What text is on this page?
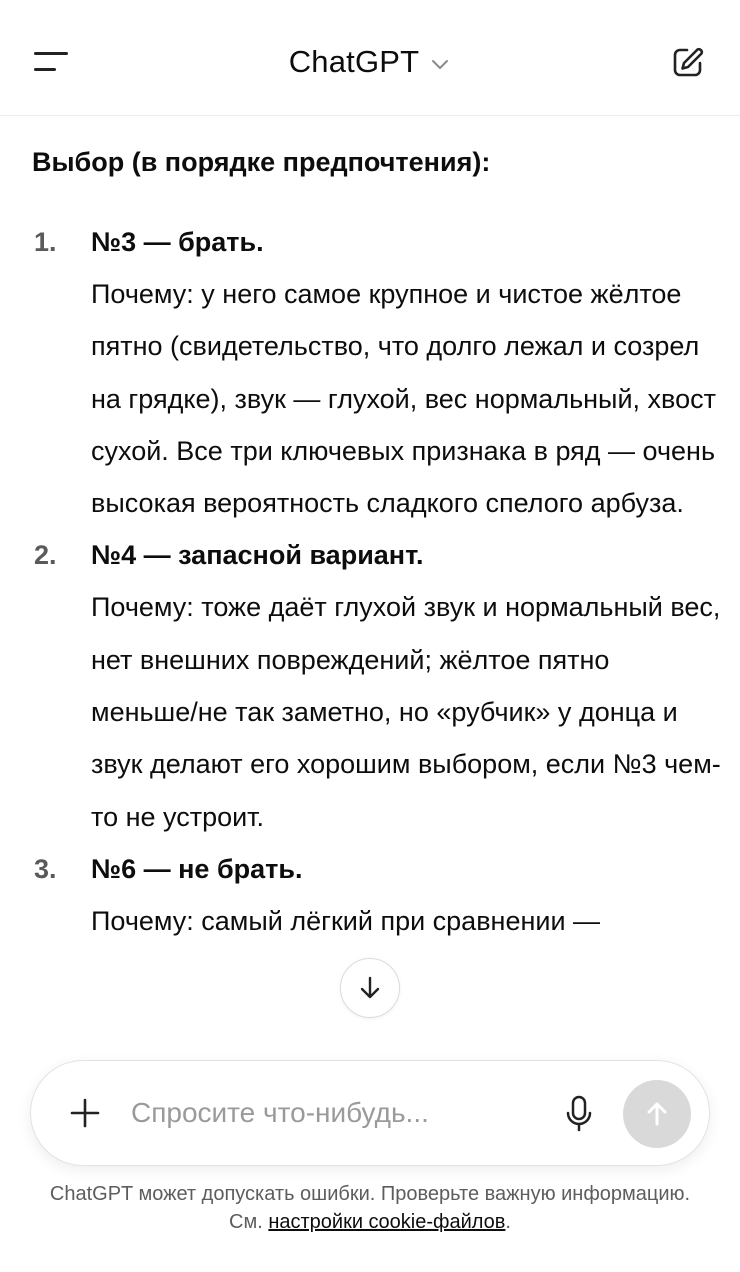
ChatGPT
Выбор (в порядке предпочтения):
1. №3 — брать.
Почему: у него самое крупное и чистое жёлтое пятно (свидетельство, что долго лежал и созрел на грядке), звук — глухой, вес нормальный, хвост сухой. Все три ключевых признака в ряд — очень высокая вероятность сладкого спелого арбуза.
2. №4 — запасной вариант.
Почему: тоже даёт глухой звук и нормальный вес, нет внешних повреждений; жёлтое пятно меньше/не так заметно, но «рубчик» у донца и звук делают его хорошим выбором, если №3 чем-то не устроит.
3. №6 — не брать.
Почему: самый лёгкий при сравнении —
Спросите что-нибудь...
ChatGPT может допускать ошибки. Проверьте важную информацию. См. настройки cookie-файлов.
